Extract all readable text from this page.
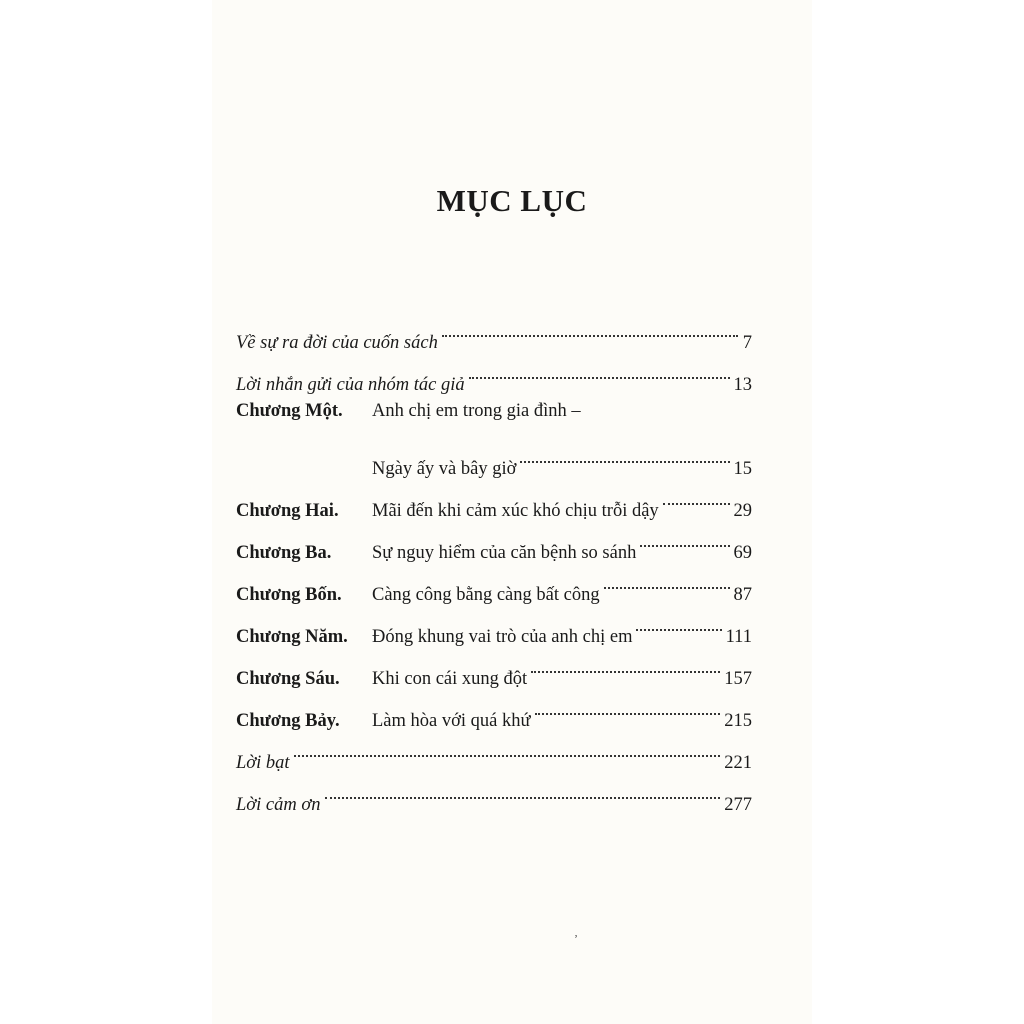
MỤC LỤC
Về sự ra đời của cuốn sách	7
Lời nhắn gửi của nhóm tác giả	13
Chương Một.	Anh chị em trong gia đình –
Ngày ấy và bây giờ	15
Chương Hai.	Mãi đến khi cảm xúc khó chịu trỗi dậy	29
Chương Ba.	Sự nguy hiểm của căn bệnh so sánh	69
Chương Bốn.	Càng công bằng càng bất công	87
Chương Năm.	Đóng khung vai trò của anh chị em	111
Chương Sáu.	Khi con cái xung đột	157
Chương Bảy.	Làm hòa với quá khứ	215
Lời bạt	221
Lời cảm ơn	277
ʼ
